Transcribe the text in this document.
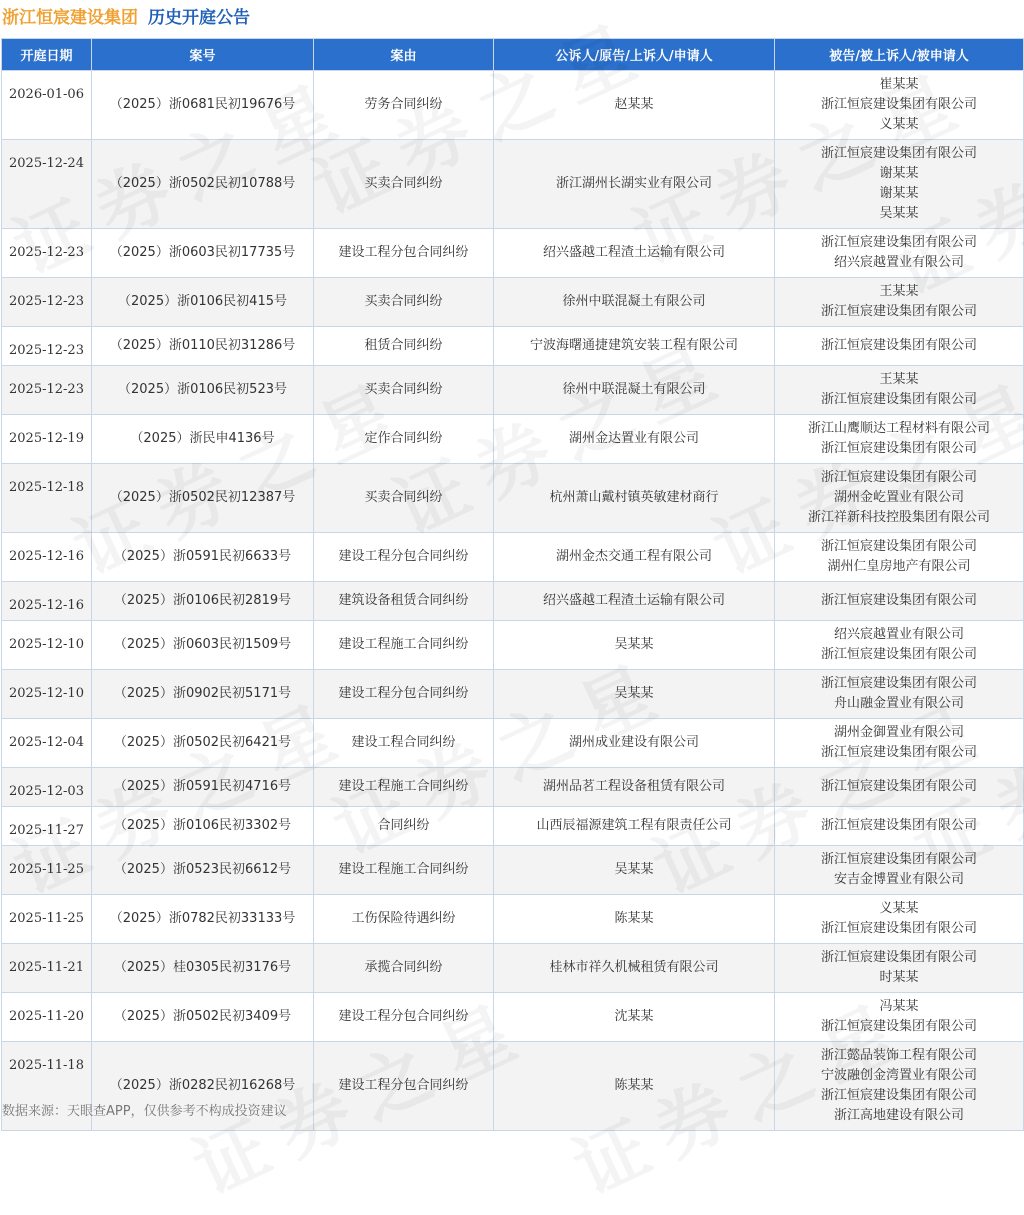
浙江恒宸建设集团 历史开庭公告
开庭日期	案号	案由	公诉人/原告/上诉人/申请人	被告/被上诉人/被申请人
2026-01-06	（2025）浙0681民初19676号	劳务合同纠纷	赵某某	崔某某
浙江恒宸建设集团有限公司
义某某

2025-12-24	（2025）浙0502民初10788号	买卖合同纠纷	浙江湖州长湖实业有限公司	浙江恒宸建设集团有限公司
谢某某
谢某某
吴某某

2025-12-23	（2025）浙0603民初17735号	建设工程分包合同纠纷	绍兴盛越工程渣土运输有限公司	浙江恒宸建设集团有限公司
绍兴宸越置业有限公司

2025-12-23	（2025）浙0106民初415号	买卖合同纠纷	徐州中联混凝土有限公司	王某某
浙江恒宸建设集团有限公司

2025-12-23	（2025）浙0110民初31286号	租赁合同纠纷	宁波海曙通捷建筑安装工程有限公司	浙江恒宸建设集团有限公司

2025-12-23	（2025）浙0106民初523号	买卖合同纠纷	徐州中联混凝土有限公司	王某某
浙江恒宸建设集团有限公司

2025-12-19	（2025）浙民申4136号	定作合同纠纷	湖州金达置业有限公司	浙江山鹰顺达工程材料有限公司
浙江恒宸建设集团有限公司

2025-12-18	（2025）浙0502民初12387号	买卖合同纠纷	杭州萧山戴村镇英敏建材商行	浙江恒宸建设集团有限公司
湖州金屹置业有限公司
浙江祥新科技控股集团有限公司

2025-12-16	（2025）浙0591民初6633号	建设工程分包合同纠纷	湖州金杰交通工程有限公司	浙江恒宸建设集团有限公司
湖州仁皇房地产有限公司

2025-12-16	（2025）浙0106民初2819号	建筑设备租赁合同纠纷	绍兴盛越工程渣土运输有限公司	浙江恒宸建设集团有限公司

2025-12-10	（2025）浙0603民初1509号	建设工程施工合同纠纷	吴某某	绍兴宸越置业有限公司
浙江恒宸建设集团有限公司

2025-12-10	（2025）浙0902民初5171号	建设工程分包合同纠纷	吴某某	浙江恒宸建设集团有限公司
舟山融金置业有限公司

2025-12-04	（2025）浙0502民初6421号	建设工程合同纠纷	湖州成业建设有限公司	湖州金御置业有限公司
浙江恒宸建设集团有限公司

2025-12-03	（2025）浙0591民初4716号	建设工程施工合同纠纷	湖州品茗工程设备租赁有限公司	浙江恒宸建设集团有限公司

2025-11-27	（2025）浙0106民初3302号	合同纠纷	山西辰福源建筑工程有限责任公司	浙江恒宸建设集团有限公司

2025-11-25	（2025）浙0523民初6612号	建设工程施工合同纠纷	吴某某	浙江恒宸建设集团有限公司
安吉金博置业有限公司

2025-11-25	（2025）浙0782民初33133号	工伤保险待遇纠纷	陈某某	义某某
浙江恒宸建设集团有限公司

2025-11-21	（2025）桂0305民初3176号	承揽合同纠纷	桂林市祥久机械租赁有限公司	浙江恒宸建设集团有限公司
时某某

2025-11-20	（2025）浙0502民初3409号	建设工程分包合同纠纷	沈某某	冯某某
浙江恒宸建设集团有限公司

2025-11-18	（2025）浙0282民初16268号	建设工程分包合同纠纷	陈某某	浙江懿品装饰工程有限公司
宁波融创金湾置业有限公司
浙江恒宸建设集团有限公司
浙江高地建设有限公司
数据来源：天眼查APP，仅供参考不构成投资建议
